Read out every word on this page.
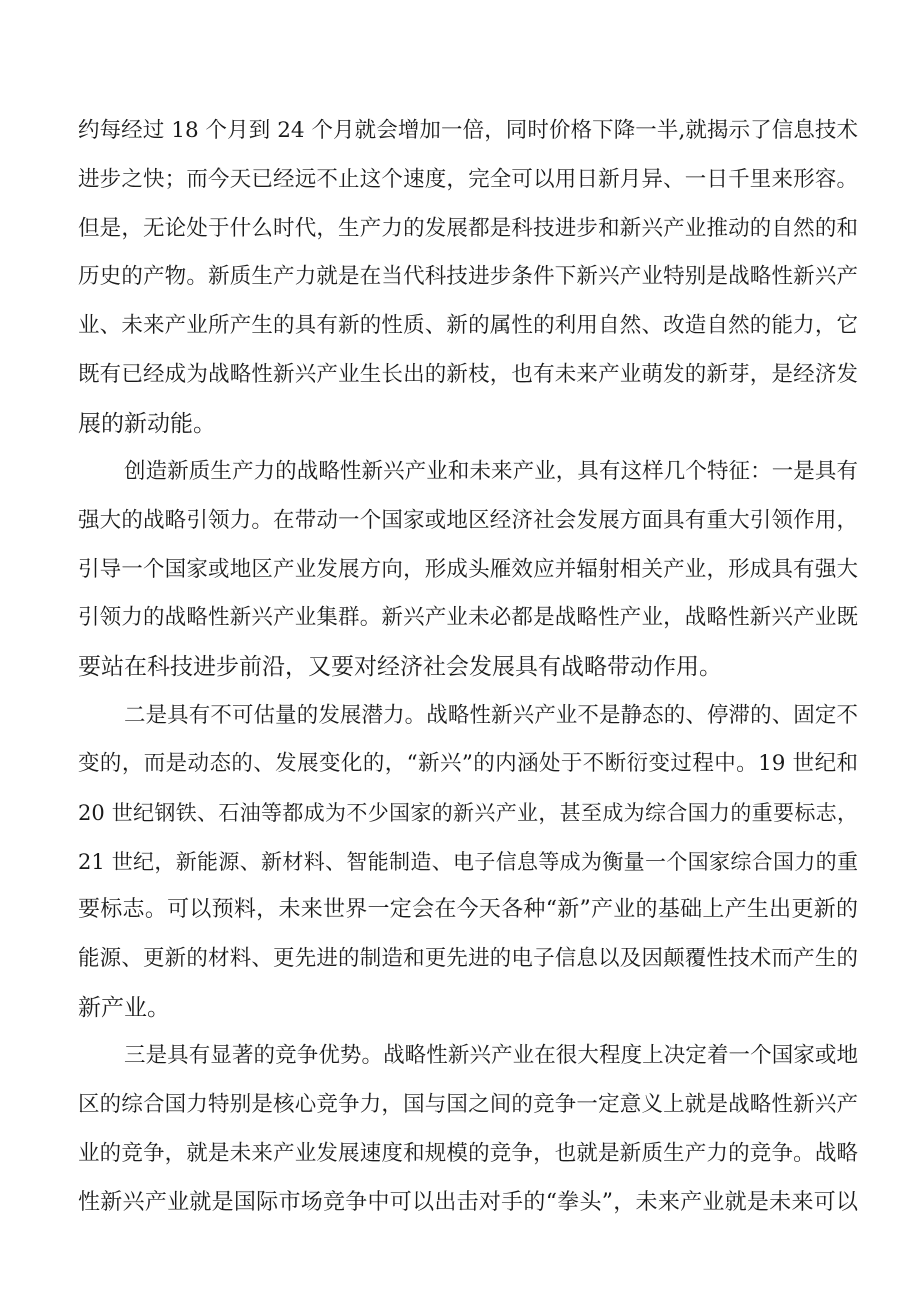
约每经过 18 个月到 24 个月就会增加一倍，同时价格下降一半,就揭示了信息技术
进步之快；而今天已经远不止这个速度，完全可以用日新月异、一日千里来形容。
但是，无论处于什么时代，生产力的发展都是科技进步和新兴产业推动的自然的和
历史的产物。新质生产力就是在当代科技进步条件下新兴产业特别是战略性新兴产
业、未来产业所产生的具有新的性质、新的属性的利用自然、改造自然的能力，它
既有已经成为战略性新兴产业生长出的新枝，也有未来产业萌发的新芽，是经济发
展的新动能。
创造新质生产力的战略性新兴产业和未来产业，具有这样几个特征：一是具有
强大的战略引领力。在带动一个国家或地区经济社会发展方面具有重大引领作用，
引导一个国家或地区产业发展方向，形成头雁效应并辐射相关产业，形成具有强大
引领力的战略性新兴产业集群。新兴产业未必都是战略性产业，战略性新兴产业既
要站在科技进步前沿，又要对经济社会发展具有战略带动作用。
二是具有不可估量的发展潜力。战略性新兴产业不是静态的、停滞的、固定不
变的，而是动态的、发展变化的，“新兴”的内涵处于不断衍变过程中。19 世纪和
20 世纪钢铁、石油等都成为不少国家的新兴产业，甚至成为综合国力的重要标志，
21 世纪，新能源、新材料、智能制造、电子信息等成为衡量一个国家综合国力的重
要标志。可以预料，未来世界一定会在今天各种“新”产业的基础上产生出更新的
能源、更新的材料、更先进的制造和更先进的电子信息以及因颠覆性技术而产生的
新产业。
三是具有显著的竞争优势。战略性新兴产业在很大程度上决定着一个国家或地
区的综合国力特别是核心竞争力，国与国之间的竞争一定意义上就是战略性新兴产
业的竞争，就是未来产业发展速度和规模的竞争，也就是新质生产力的竞争。战略
性新兴产业就是国际市场竞争中可以出击对手的“拳头”，未来产业就是未来可以
